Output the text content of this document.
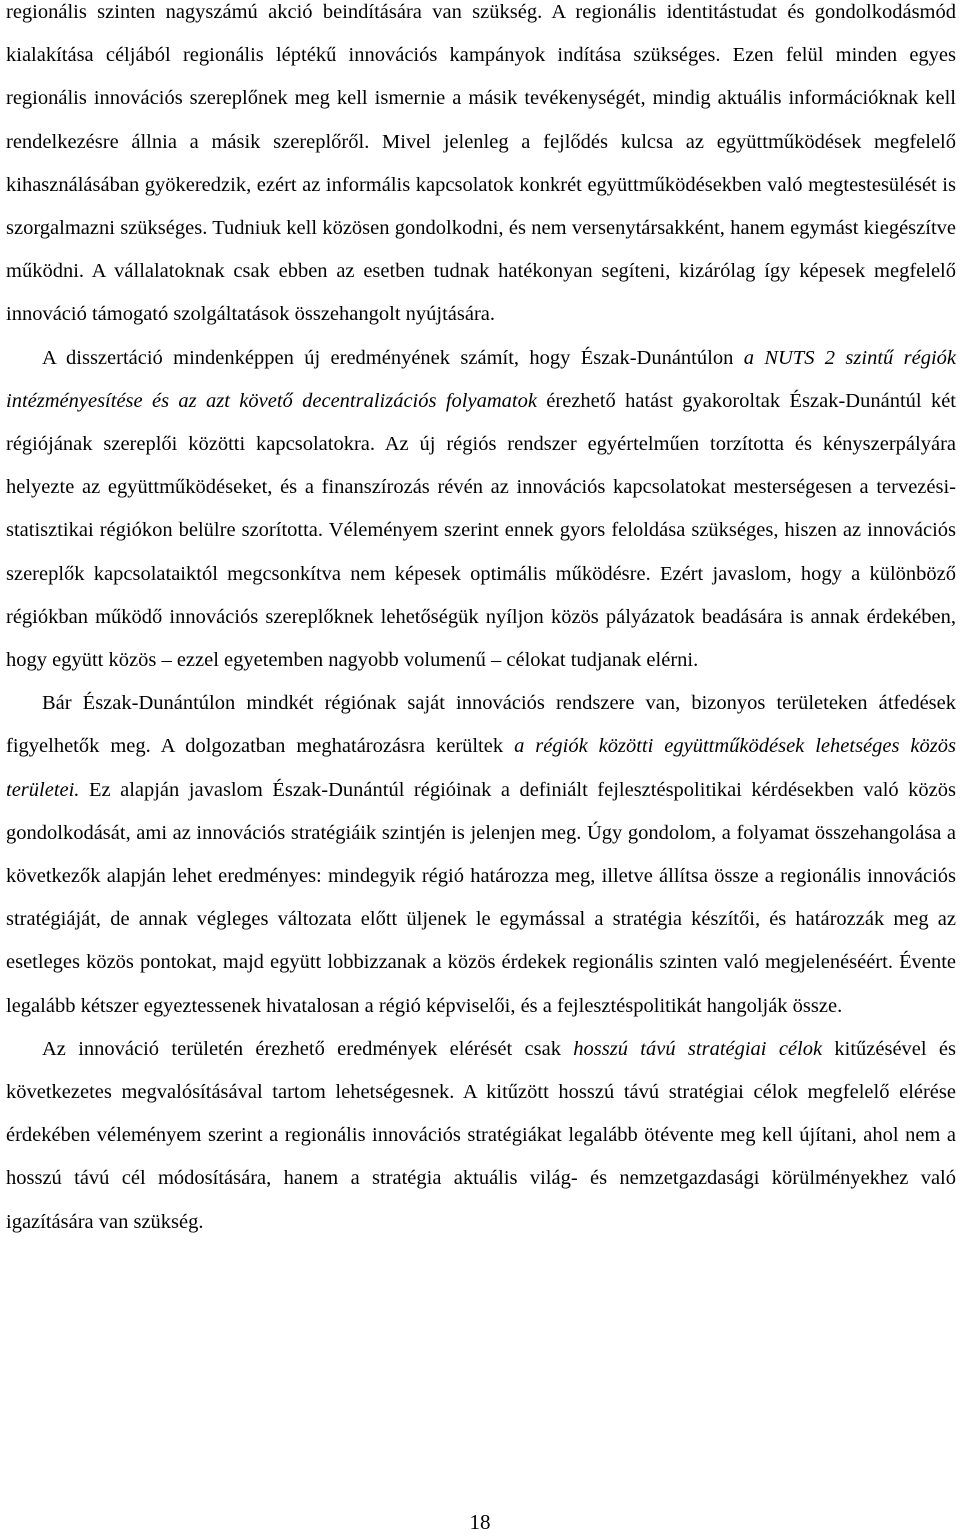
regionális szinten nagyszámú akció beindítására van szükség. A regionális identitástudat és gondolkodásmód kialakítása céljából regionális léptékű innovációs kampányok indítása szükséges. Ezen felül minden egyes regionális innovációs szereplőnek meg kell ismernie a másik tevékenységét, mindig aktuális információknak kell rendelkezésre állnia a másik szereplőről. Mivel jelenleg a fejlődés kulcsa az együttműködések megfelelő kihasználásában gyökeredzik, ezért az informális kapcsolatok konkrét együttműködésekben való megtestesülését is szorgalmazni szükséges. Tudniuk kell közösen gondolkodni, és nem versenytársakként, hanem egymást kiegészítve működni. A vállalatoknak csak ebben az esetben tudnak hatékonyan segíteni, kizárólag így képesek megfelelő innováció támogató szolgáltatások összehangolt nyújtására.

A disszertáció mindenképpen új eredményének számít, hogy Észak-Dunántúlon a NUTS 2 szintű régiók intézményesítése és az azt követő decentralizációs folyamatok érezhető hatást gyakoroltak Észak-Dunántúl két régiójának szereplői közötti kapcsolatokra. Az új régiós rendszer egyértelműen torzította és kényszerpályára helyezte az együttműködéseket, és a finanszírozás révén az innovációs kapcsolatokat mesterségesen a tervezési-statisztikai régiókon belülre szorította. Véleményem szerint ennek gyors feloldása szükséges, hiszen az innovációs szereplők kapcsolataiktól megcsonkítva nem képesek optimális működésre. Ezért javaslom, hogy a különböző régiókban működő innovációs szereplőknek lehetőségük nyíljon közös pályázatok beadására is annak érdekében, hogy együtt közös – ezzel egyetemben nagyobb volumenű – célokat tudjanak elérni.

Bár Észak-Dunántúlon mindkét régiónak saját innovációs rendszere van, bizonyos területeken átfedések figyelhetők meg. A dolgozatban meghatározásra kerültek a régiók közötti együttműködések lehetséges közös területei. Ez alapján javaslom Észak-Dunántúl régióinak a definiált fejlesztéspolitikai kérdésekben való közös gondolkodását, ami az innovációs stratégiáik szintjén is jelenjen meg. Úgy gondolom, a folyamat összehangolása a következők alapján lehet eredményes: mindegyik régió határozza meg, illetve állítsa össze a regionális innovációs stratégiáját, de annak végleges változata előtt üljenek le egymással a stratégia készítői, és határozzák meg az esetleges közös pontokat, majd együtt lobbizzanak a közös érdekek regionális szinten való megjelenéséért. Évente legalább kétszer egyeztessenek hivatalosan a régió képviselői, és a fejlesztéspolitikát hangolják össze.

Az innováció területén érezhető eredmények elérését csak hosszú távú stratégiai célok kitűzésével és következetes megvalósításával tartom lehetségesnek. A kitűzött hosszú távú stratégiai célok megfelelő elérése érdekében véleményem szerint a regionális innovációs stratégiákat legalább ötévente meg kell újítani, ahol nem a hosszú távú cél módosítására, hanem a stratégia aktuális világ- és nemzetgazdasági körülményekhez való igazítására van szükség.

18
